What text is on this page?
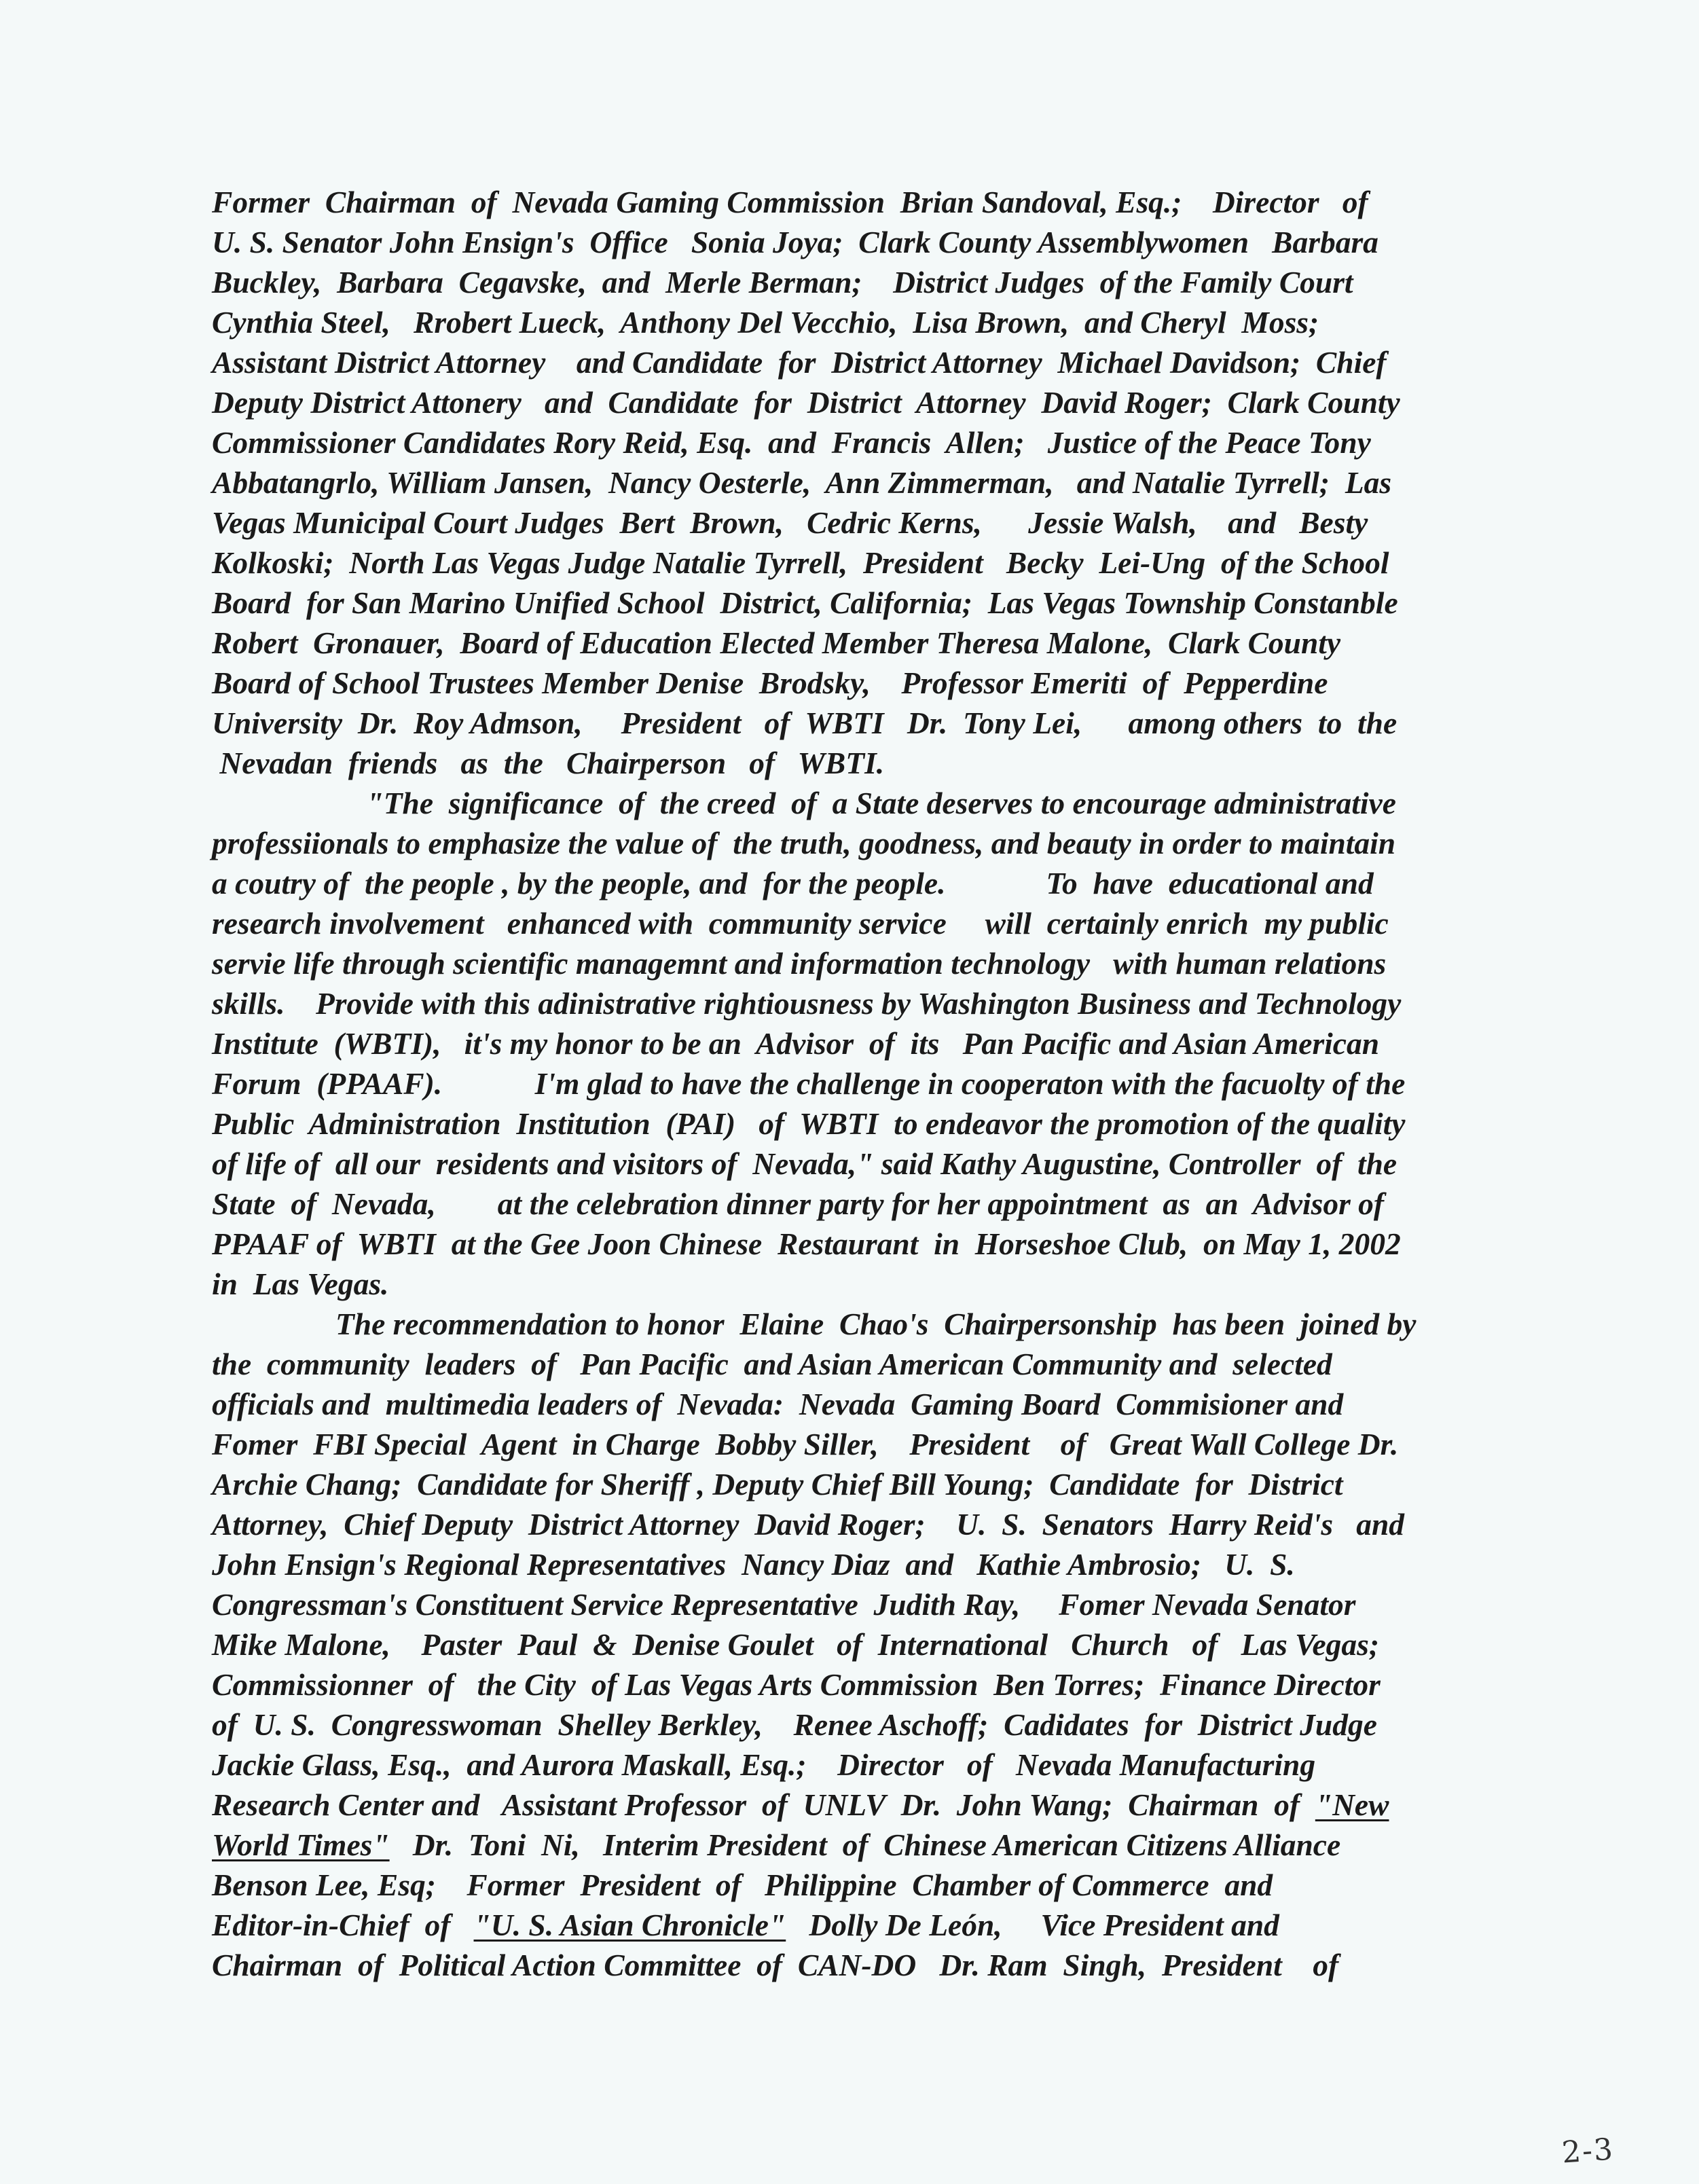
Former  Chairman  of  Nevada Gaming Commission  Brian Sandoval, Esq.;    Director   of
U. S. Senator John Ensign's  Office   Sonia Joya;  Clark County Assemblywomen   Barbara
Buckley,  Barbara  Cegavske,  and  Merle Berman;    District Judges  of the Family Court
Cynthia Steel,   Rrobert Lueck,  Anthony Del Vecchio,  Lisa Brown,  and Cheryl  Moss;
Assistant District Attorney    and Candidate  for  District Attorney  Michael Davidson;  Chief
Deputy District Attonery   and  Candidate  for  District  Attorney  David Roger;  Clark County
Commissioner Candidates Rory Reid, Esq.  and  Francis  Allen;   Justice of the Peace Tony
Abbatangrlo, William Jansen,  Nancy Oesterle,  Ann Zimmerman,   and Natalie Tyrrell;  Las
Vegas Municipal Court Judges  Bert  Brown,   Cedric Kerns,      Jessie Walsh,    and   Besty
Kolkoski;  North Las Vegas Judge Natalie Tyrrell,  President   Becky  Lei-Ung  of the School
Board  for San Marino Unified School  District, California;  Las Vegas Township Constanble
Robert  Gronauer,  Board of Education Elected Member Theresa Malone,  Clark County
Board of School Trustees Member Denise  Brodsky,    Professor Emeriti  of  Pepperdine
University  Dr.  Roy Admson,     President   of  WBTI   Dr.  Tony Lei,      among others  to  the
Nevadan  friends   as  the   Chairperson   of   WBTI.
"The  significance  of  the creed  of  a State deserves to encourage administrative
professiionals to emphasize the value of  the truth, goodness, and beauty in order to maintain
a coutry of  the people , by the people, and  for the people.             To  have  educational and
research involvement   enhanced with  community service     will  certainly enrich  my public
servie life through scientific managemnt and information technology   with human relations
skills.    Provide with this adinistrative rightiousness by Washington Business and Technology
Institute  (WBTI),   it's my honor to be an  Advisor  of  its   Pan Pacific and Asian American
Forum  (PPAAF).            I'm glad to have the challenge in cooperaton with the facuolty of the
Public  Administration  Institution  (PAI)   of  WBTI  to endeavor the promotion of the quality
of life of  all our  residents and visitors of  Nevada," said Kathy Augustine, Controller  of  the
State  of  Nevada,        at the celebration dinner party for her appointment  as  an  Advisor of
PPAAF of  WBTI  at the Gee Joon Chinese  Restaurant  in  Horseshoe Club,  on May 1, 2002
in  Las Vegas.
The recommendation to honor  Elaine  Chao's  Chairpersonship  has been  joined by
the  community  leaders  of   Pan Pacific  and Asian American Community and  selected
officials and  multimedia leaders of  Nevada:  Nevada  Gaming Board  Commisioner and
Fomer  FBI Special  Agent  in Charge  Bobby Siller,    President    of   Great Wall College Dr.
Archie Chang;  Candidate for Sheriff , Deputy Chief Bill Young;  Candidate  for  District
Attorney,  Chief Deputy  District Attorney  David Roger;    U.  S.  Senators  Harry Reid's   and
John Ensign's Regional Representatives  Nancy Diaz  and   Kathie Ambrosio;   U.  S.
Congressman's Constituent Service Representative  Judith Ray,     Fomer Nevada Senator
Mike Malone,    Paster  Paul  &  Denise Goulet   of  International   Church   of   Las Vegas;
Commissionner  of   the City  of Las Vegas Arts Commission  Ben Torres;  Finance Director
of  U. S.  Congresswoman  Shelley Berkley,    Renee Aschoff;  Cadidates  for  District Judge
Jackie Glass, Esq.,  and Aurora Maskall, Esq.;    Director   of   Nevada Manufacturing
Research Center and   Assistant Professor  of  UNLV  Dr.  John Wang;  Chairman  of  "New
World Times"   Dr.  Toni  Ni,   Interim President  of  Chinese American Citizens Alliance
Benson Lee, Esq;    Former  President  of   Philippine  Chamber of Commerce  and
Editor-in-Chief  of   "U. S. Asian Chronicle"   Dolly De León,     Vice President and
Chairman  of  Political Action Committee  of  CAN-DO   Dr. Ram  Singh,  President    of
2-3
